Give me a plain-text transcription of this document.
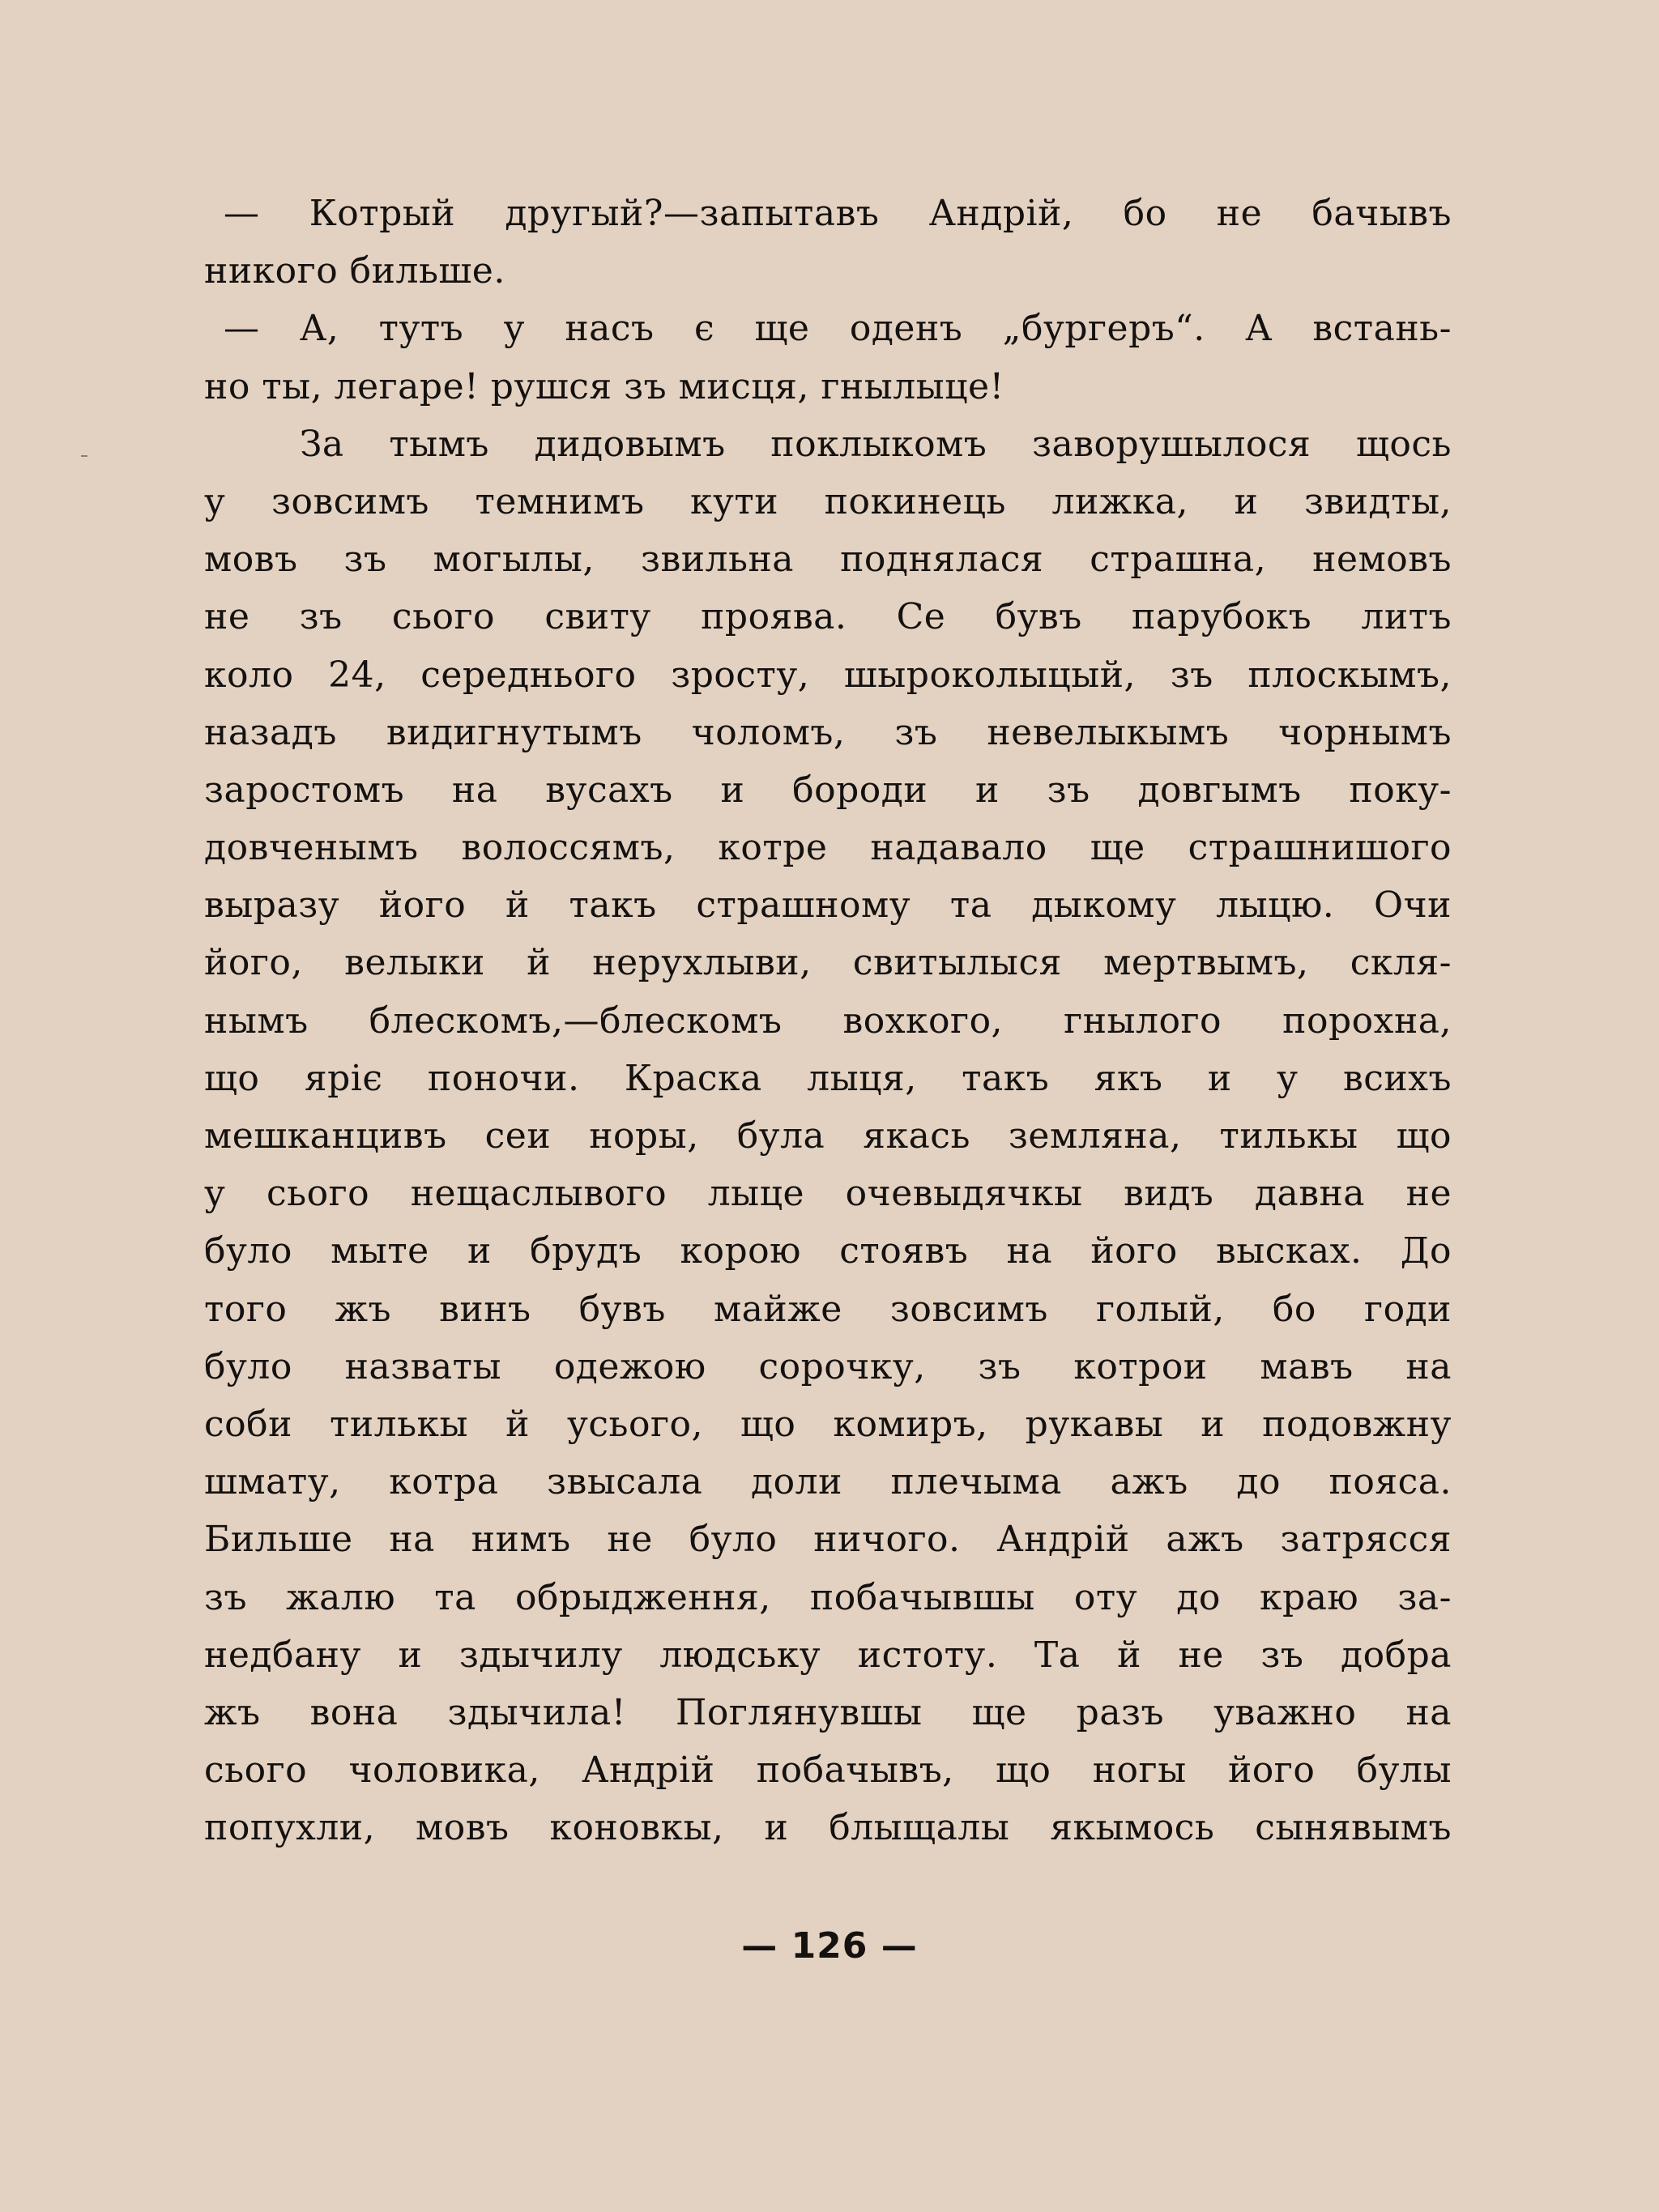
— Котрый другый?—запытавъ Андрій, бо не бачывъ
никого бильше.
— А, тутъ у насъ є ще оденъ „бургеръ“. А встань-
но ты, легаре! рушся зъ мисця, гнылыце!
За тымъ дидовымъ поклыкомъ заворушылося щось
у зовсимъ темнимъ кути покинець лижка, и звидты,
мовъ зъ могылы, звильна поднялася страшна, немовъ
не зъ сього свиту проява. Се бувъ парубокъ литъ
коло 24, середнього зросту, шыроколыцый, зъ плоскымъ,
назадъ видигнутымъ чоломъ, зъ невелыкымъ чорнымъ
заростомъ на вусахъ и бороди и зъ довгымъ поку-
довченымъ волоссямъ, котре надавало ще страшнишого
выразу його й такъ страшному та дыкому лыцю. Очи
його, велыки й нерухлыви, свитылыся мертвымъ, скля-
нымъ блескомъ,—блескомъ вохкого, гнылого порохна,
що яріє поночи. Краска лыця, такъ якъ и у всихъ
мешканцивъ сеи норы, була якась земляна, тилькы що
у сього нещаслывого лыце очевыдячкы видъ давна не
було мыте и брудъ корою стоявъ на його высках. До
того жъ винъ бувъ майже зовсимъ голый, бо годи
було назваты одежою сорочку, зъ котрои мавъ на
соби тилькы й усього, що комиръ, рукавы и подовжну
шмату, котра звысала доли плечыма ажъ до пояса.
Бильше на нимъ не було ничого. Андрій ажъ затрясся
зъ жалю та обрыдження, побачывшы оту до краю за-
недбану и здычилу людську истоту. Та й не зъ добра
жъ вона здычила! Поглянувшы ще разъ уважно на
сього чоловика, Андрій побачывъ, що ногы його булы
попухли, мовъ коновкы, и блыщалы якымось сынявымъ
— 126 —
